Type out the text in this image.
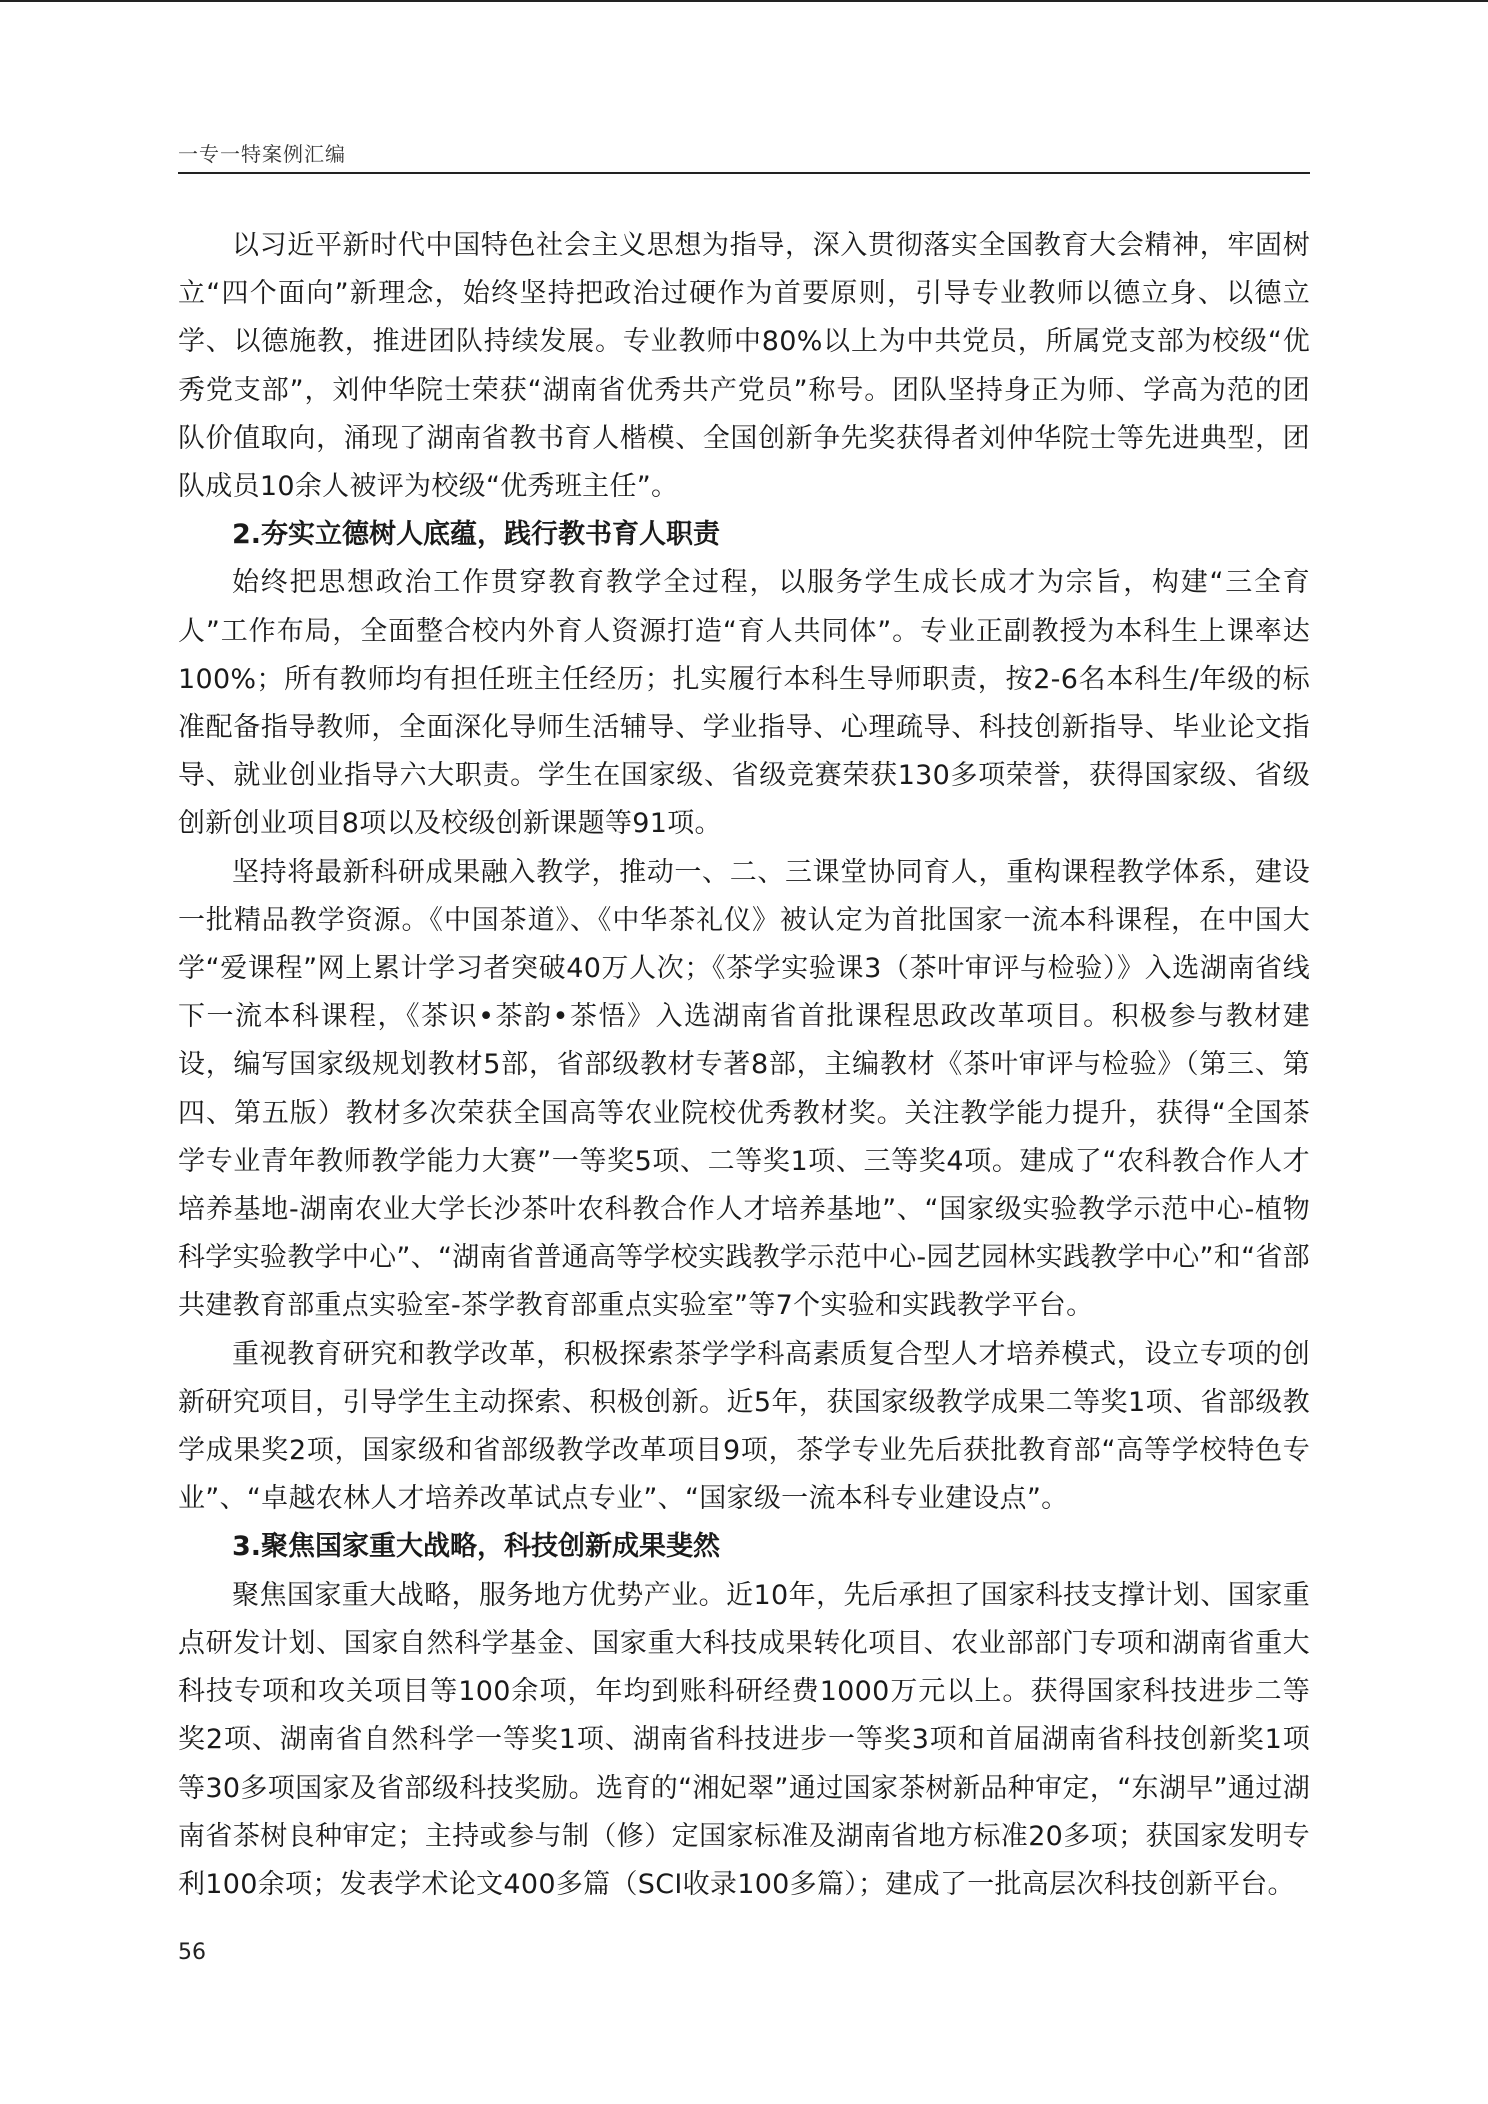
一专一特案例汇编

以习近平新时代中国特色社会主义思想为指导，深入贯彻落实全国教育大会精神，牢固树立“四个面向”新理念，始终坚持把政治过硬作为首要原则，引导专业教师以德立身、以德立学、以德施教，推进团队持续发展。专业教师中80%以上为中共党员，所属党支部为校级“优秀党支部”，刘仲华院士荣获“湖南省优秀共产党员”称号。团队坚持身正为师、学高为范的团队价值取向，涌现了湖南省教书育人楷模、全国创新争先奖获得者刘仲华院士等先进典型，团队成员10余人被评为校级“优秀班主任”。

2.夯实立德树人底蕴，践行教书育人职责

始终把思想政治工作贯穿教育教学全过程，以服务学生成长成才为宗旨，构建“三全育人”工作布局，全面整合校内外育人资源打造“育人共同体”。专业正副教授为本科生上课率达100%；所有教师均有担任班主任经历；扎实履行本科生导师职责，按2-6名本科生/年级的标准配备指导教师，全面深化导师生活辅导、学业指导、心理疏导、科技创新指导、毕业论文指导、就业创业指导六大职责。学生在国家级、省级竞赛荣获130多项荣誉，获得国家级、省级创新创业项目8项以及校级创新课题等91项。

坚持将最新科研成果融入教学，推动一、二、三课堂协同育人，重构课程教学体系，建设一批精品教学资源。《中国茶道》、《中华茶礼仪》被认定为首批国家一流本科课程，在中国大学“爱课程”网上累计学习者突破40万人次；《茶学实验课3（茶叶审评与检验）》入选湖南省线下一流本科课程，《茶识•茶韵•茶悟》入选湖南省首批课程思政改革项目。积极参与教材建设，编写国家级规划教材5部，省部级教材专著8部，主编教材《茶叶审评与检验》（第三、第四、第五版）教材多次荣获全国高等农业院校优秀教材奖。关注教学能力提升，获得“全国茶学专业青年教师教学能力大赛”一等奖5项、二等奖1项、三等奖4项。建成了“农科教合作人才培养基地-湖南农业大学长沙茶叶农科教合作人才培养基地”、“国家级实验教学示范中心-植物科学实验教学中心”、“湖南省普通高等学校实践教学示范中心-园艺园林实践教学中心”和“省部共建教育部重点实验室-茶学教育部重点实验室”等7个实验和实践教学平台。

重视教育研究和教学改革，积极探索茶学学科高素质复合型人才培养模式，设立专项的创新研究项目，引导学生主动探索、积极创新。近5年，获国家级教学成果二等奖1项、省部级教学成果奖2项，国家级和省部级教学改革项目9项，茶学专业先后获批教育部“高等学校特色专业”、“卓越农林人才培养改革试点专业”、“国家级一流本科专业建设点”。

3.聚焦国家重大战略，科技创新成果斐然

聚焦国家重大战略，服务地方优势产业。近10年，先后承担了国家科技支撑计划、国家重点研发计划、国家自然科学基金、国家重大科技成果转化项目、农业部部门专项和湖南省重大科技专项和攻关项目等100余项，年均到账科研经费1000万元以上。获得国家科技进步二等奖2项、湖南省自然科学一等奖1项、湖南省科技进步一等奖3项和首届湖南省科技创新奖1项等30多项国家及省部级科技奖励。选育的“湘妃翠”通过国家茶树新品种审定，“东湖早”通过湖南省茶树良种审定；主持或参与制（修）定国家标准及湖南省地方标准20多项；获国家发明专利100余项；发表学术论文400多篇（SCI收录100多篇）；建成了一批高层次科技创新平台。

56
